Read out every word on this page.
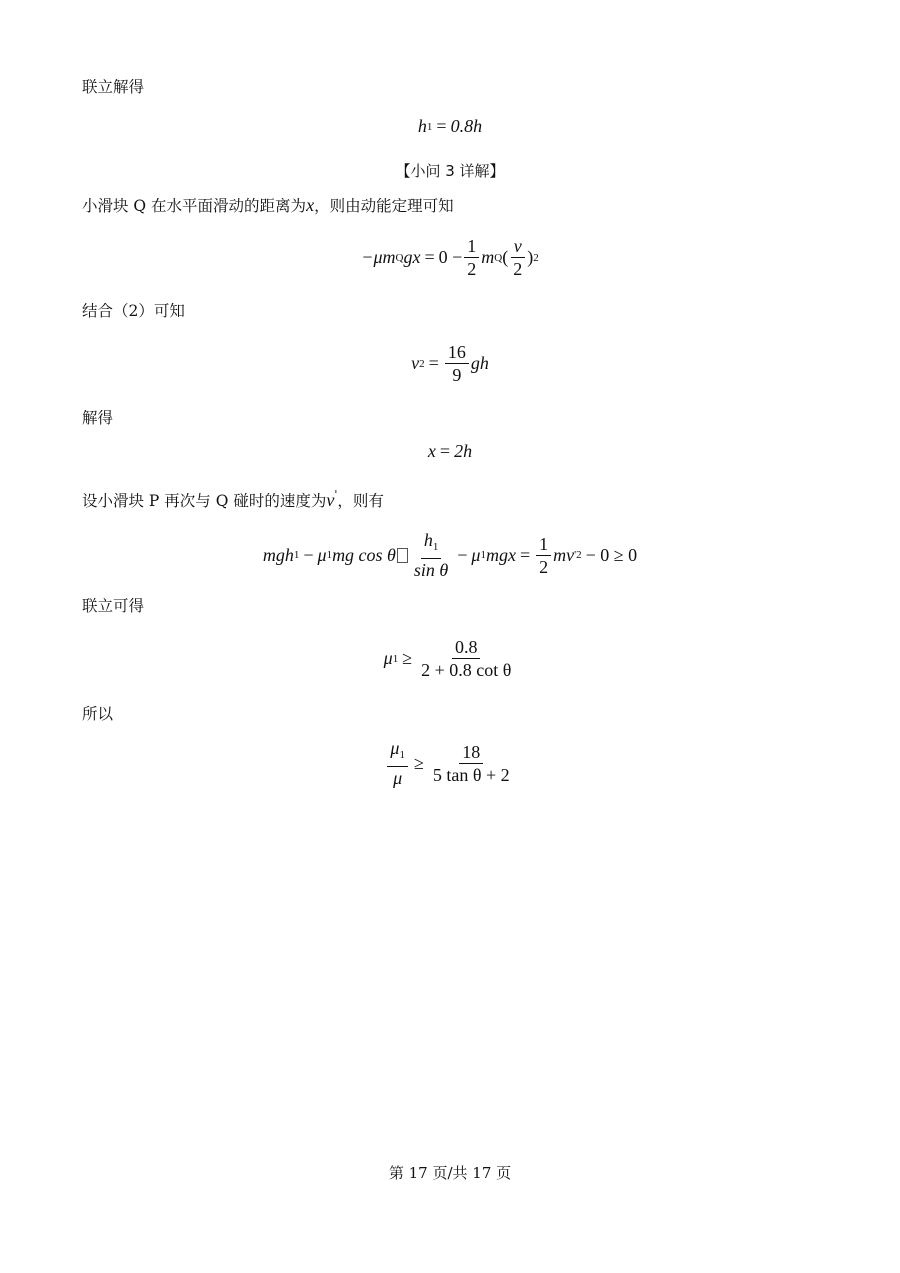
联立解得
h 1 = 0.8h
【小问 3 详解】
小滑块 Q 在水平面滑动的距离为x，则由动能定理可知
−μm Q gx = $0 - \frac{1}{2}$ m Q ( $\frac{v}{2}$ ) 2
结合（2）可知
v $2 = \frac{16}{9}$ gh
解得
x = 2h
设小滑块 P 再次与 Q 碰时的速度为v'，则有
mgh 1 − μ 1 mg cos θ $\frac{h_1}{\text{sin θ}} - \mu$ 1 mgx = $\frac{1}{2}$ mv '2 − 0 ≥ 0
联立可得
μ $1 \ge \frac{0.8}{\text{2 + 0.8 cot θ}}$
所以
$\frac{\mu_1}{\mu} \ge \frac{18}{\text{5 tan θ + 2}}$
第 17 页/共 17 页
